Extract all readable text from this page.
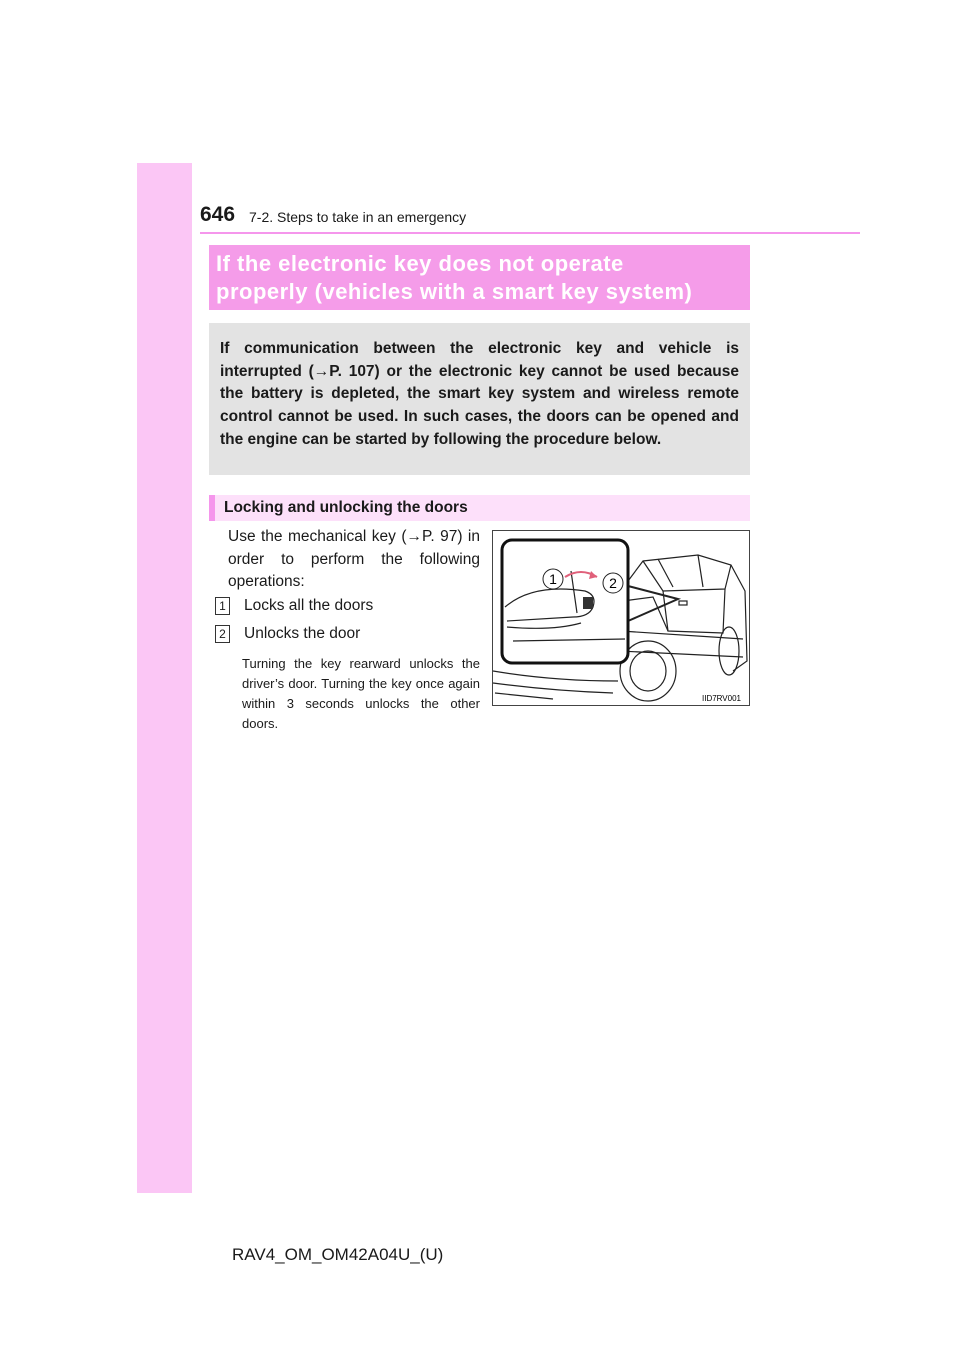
646 7-2. Steps to take in an emergency
If the electronic key does not operate
properly (vehicles with a smart key system)

If communication between the electronic key and vehicle is interrupted (→P. 107) or the electronic key cannot be used because the battery is depleted, the smart key system and wireless remote control cannot be used. In such cases, the doors can be opened and the engine can be started by following the procedure below.

Locking and unlocking the doors

Use the mechanical key (→P. 97) in order to perform the following operations:

1 Locks all the doors
2 Unlocks the door
Turning the key rearward unlocks the driver’s door. Turning the key once again within 3 seconds unlocks the other doors.
1	2
IID7RV001
RAV4_OM_OM42A04U_(U)
